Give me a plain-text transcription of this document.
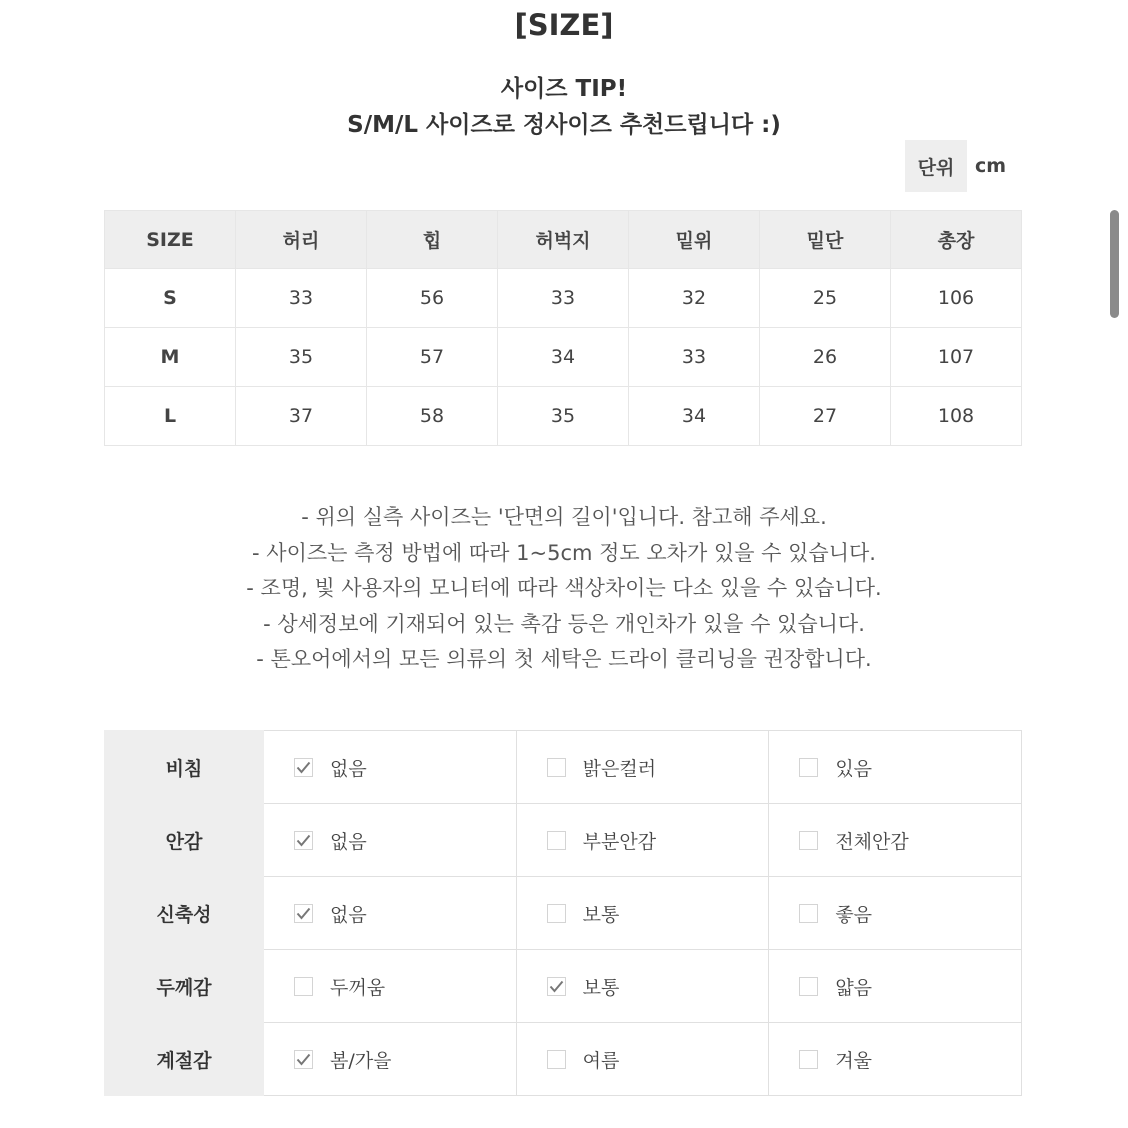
[SIZE]
사이즈 TIP!
S/M/L 사이즈로 정사이즈 추천드립니다 :)
단위	cm
SIZE	허리	힙	허벅지	밑위	밑단	총장
S	33	56	33	32	25	106
M	35	57	34	33	26	107
L	37	58	35	34	27	108
- 위의 실측 사이즈는 '단면의 길이'입니다. 참고해 주세요.
- 사이즈는 측정 방법에 따라 1~5cm 정도 오차가 있을 수 있습니다.
- 조명, 빛 사용자의 모니터에 따라 색상차이는 다소 있을 수 있습니다.
- 상세정보에 기재되어 있는 촉감 등은 개인차가 있을 수 있습니다.
- 톤오어에서의 모든 의류의 첫 세탁은 드라이 클리닝을 권장합니다.
비침	없음	밝은컬러	있음

안감	없음	부분안감	전체안감

신축성	없음	보통	좋음

두께감	두꺼움	보통	얇음

계절감	봄/가을	여름	겨울
